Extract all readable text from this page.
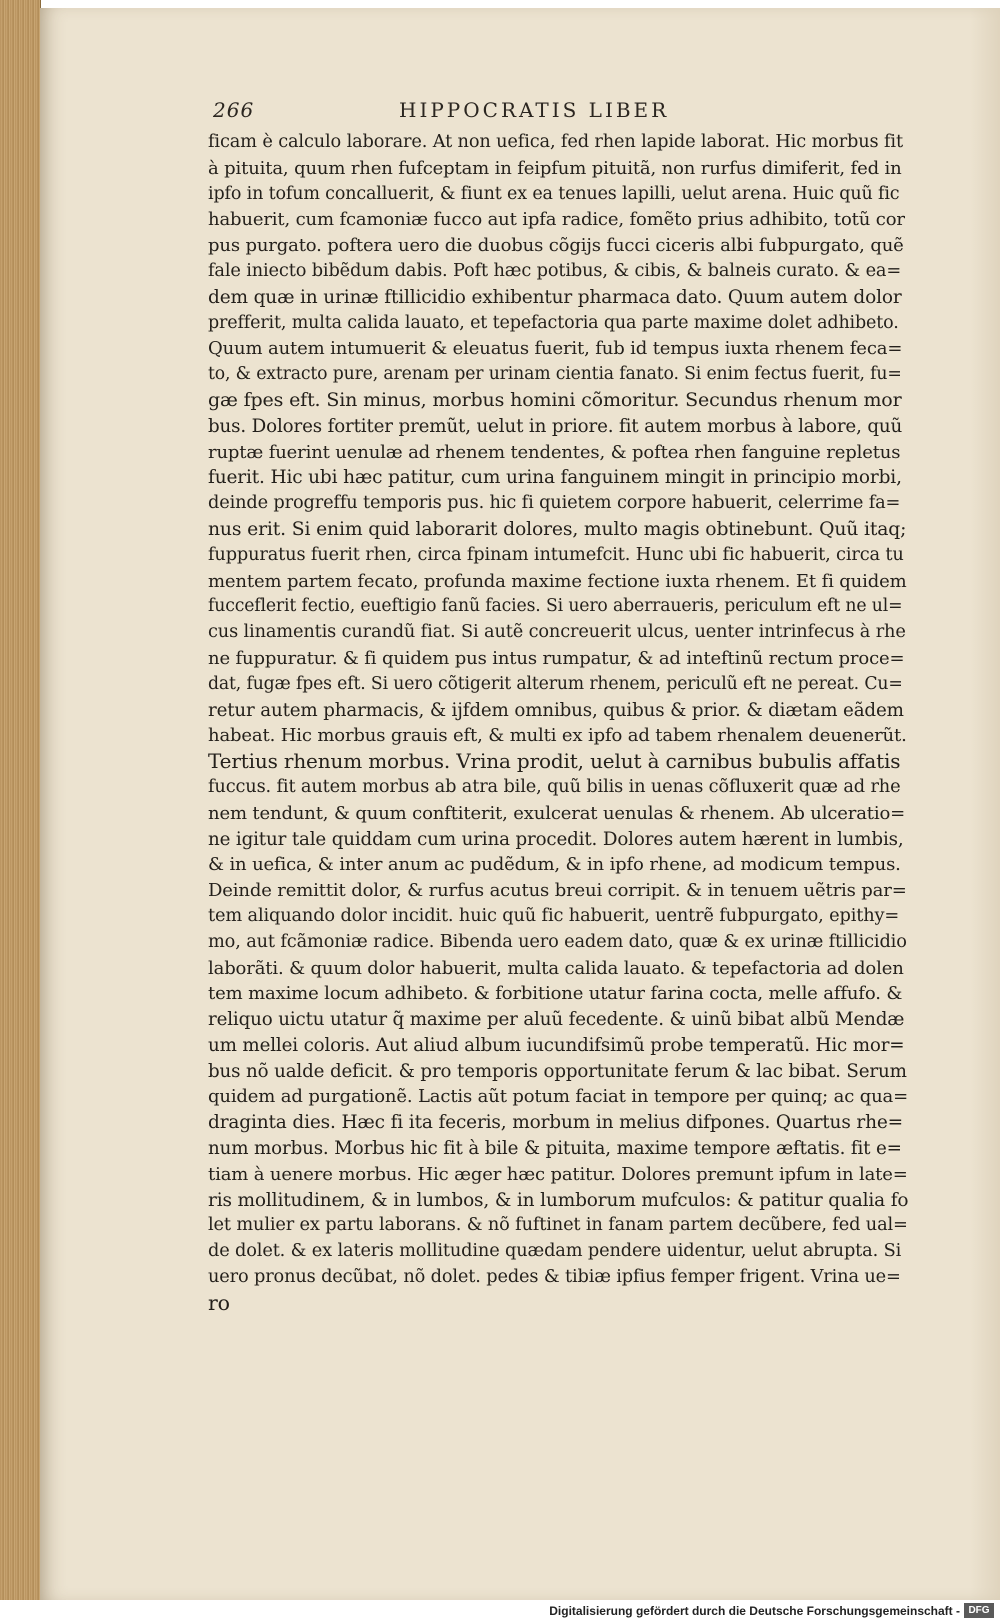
266	HIPPOCRATIS LIBER
ficam è calculo laborare. At non uefica, fed rhen lapide laborat. Hic morbus fit
à pituita, quum rhen fufceptam in feipfum pituitã, non rurfus dimiferit, fed in
ipfo in tofum concalluerit, & fiunt ex ea tenues lapilli, uelut arena. Huic quũ fic
habuerit, cum fcamoniæ fucco aut ipfa radice, fomẽto prius adhibito, totũ cor
pus purgato. poftera uero die duobus cõgijs fucci ciceris albi fubpurgato, quẽ
fale iniecto bibẽdum dabis. Poft hæc potibus, & cibis, & balneis curato. & ea=
dem quæ in urinæ ftillicidio exhibentur pharmaca dato. Quum autem dolor
prefferit, multa calida lauato, et tepefactoria qua parte maxime dolet adhibeto.
Quum autem intumuerit & eleuatus fuerit, fub id tempus iuxta rhenem feca=
to, & extracto pure, arenam per urinam cientia fanato. Si enim fectus fuerit, fu=
gæ fpes eft. Sin minus, morbus homini cõmoritur. Secundus rhenum mor
bus. Dolores fortiter premũt, uelut in priore. fit autem morbus à labore, quũ
ruptæ fuerint uenulæ ad rhenem tendentes, & poftea rhen fanguine repletus
fuerit. Hic ubi hæc patitur, cum urina fanguinem mingit in principio morbi,
deinde progreffu temporis pus. hic fi quietem corpore habuerit, celerrime fa=
nus erit. Si enim quid laborarit dolores, multo magis obtinebunt. Quũ itaq;
fuppuratus fuerit rhen, circa fpinam intumefcit. Hunc ubi fic habuerit, circa tu
mentem partem fecato, profunda maxime fectione iuxta rhenem. Et fi quidem
fucceflerit fectio, eueftigio fanũ facies. Si uero aberraueris, periculum eft ne ul=
cus linamentis curandũ fiat. Si autẽ concreuerit ulcus, uenter intrinfecus à rhe
ne fuppuratur. & fi quidem pus intus rumpatur, & ad inteftinũ rectum proce=
dat, fugæ fpes eft. Si uero cõtigerit alterum rhenem, periculũ eft ne pereat. Cu=
retur autem pharmacis, & ijfdem omnibus, quibus & prior. & diætam eãdem
habeat. Hic morbus grauis eft, & multi ex ipfo ad tabem rhenalem deuenerũt.
Tertius rhenum morbus. Vrina prodit, uelut à carnibus bubulis affatis
fuccus. fit autem morbus ab atra bile, quũ bilis in uenas cõfluxerit quæ ad rhe
nem tendunt, & quum conftiterit, exulcerat uenulas & rhenem. Ab ulceratio=
ne igitur tale quiddam cum urina procedit. Dolores autem hærent in lumbis,
& in uefica, & inter anum ac pudẽdum, & in ipfo rhene, ad modicum tempus.
Deinde remittit dolor, & rurfus acutus breui corripit. & in tenuem uẽtris par=
tem aliquando dolor incidit. huic quũ fic habuerit, uentrẽ fubpurgato, epithy=
mo, aut fcãmoniæ radice. Bibenda uero eadem dato, quæ & ex urinæ ftillicidio
laborãti. & quum dolor habuerit, multa calida lauato. & tepefactoria ad dolen
tem maxime locum adhibeto. & forbitione utatur farina cocta, melle affufo. &
reliquo uictu utatur q̃ maxime per aluũ fecedente. & uinũ bibat albũ Mendæ
um mellei coloris. Aut aliud album iucundifsimũ probe temperatũ. Hic mor=
bus nõ ualde deficit. & pro temporis opportunitate ferum & lac bibat. Serum
quidem ad purgationẽ. Lactis aũt potum faciat in tempore per quinq; ac qua=
draginta dies. Hæc fi ita feceris, morbum in melius difpones. Quartus rhe=
num morbus. Morbus hic fit à bile & pituita, maxime tempore æftatis. fit e=
tiam à uenere morbus. Hic æger hæc patitur. Dolores premunt ipfum in late=
ris mollitudinem, & in lumbos, & in lumborum mufculos: & patitur qualia fo
let mulier ex partu laborans. & nõ fuftinet in fanam partem decũbere, fed ual=
de dolet. & ex lateris mollitudine quædam pendere uidentur, uelut abrupta. Si
uero pronus decũbat, nõ dolet. pedes & tibiæ ipfius femper frigent. Vrina ue=
ro
Digitalisierung gefördert durch die Deutsche Forschungsgemeinschaft - DFG
